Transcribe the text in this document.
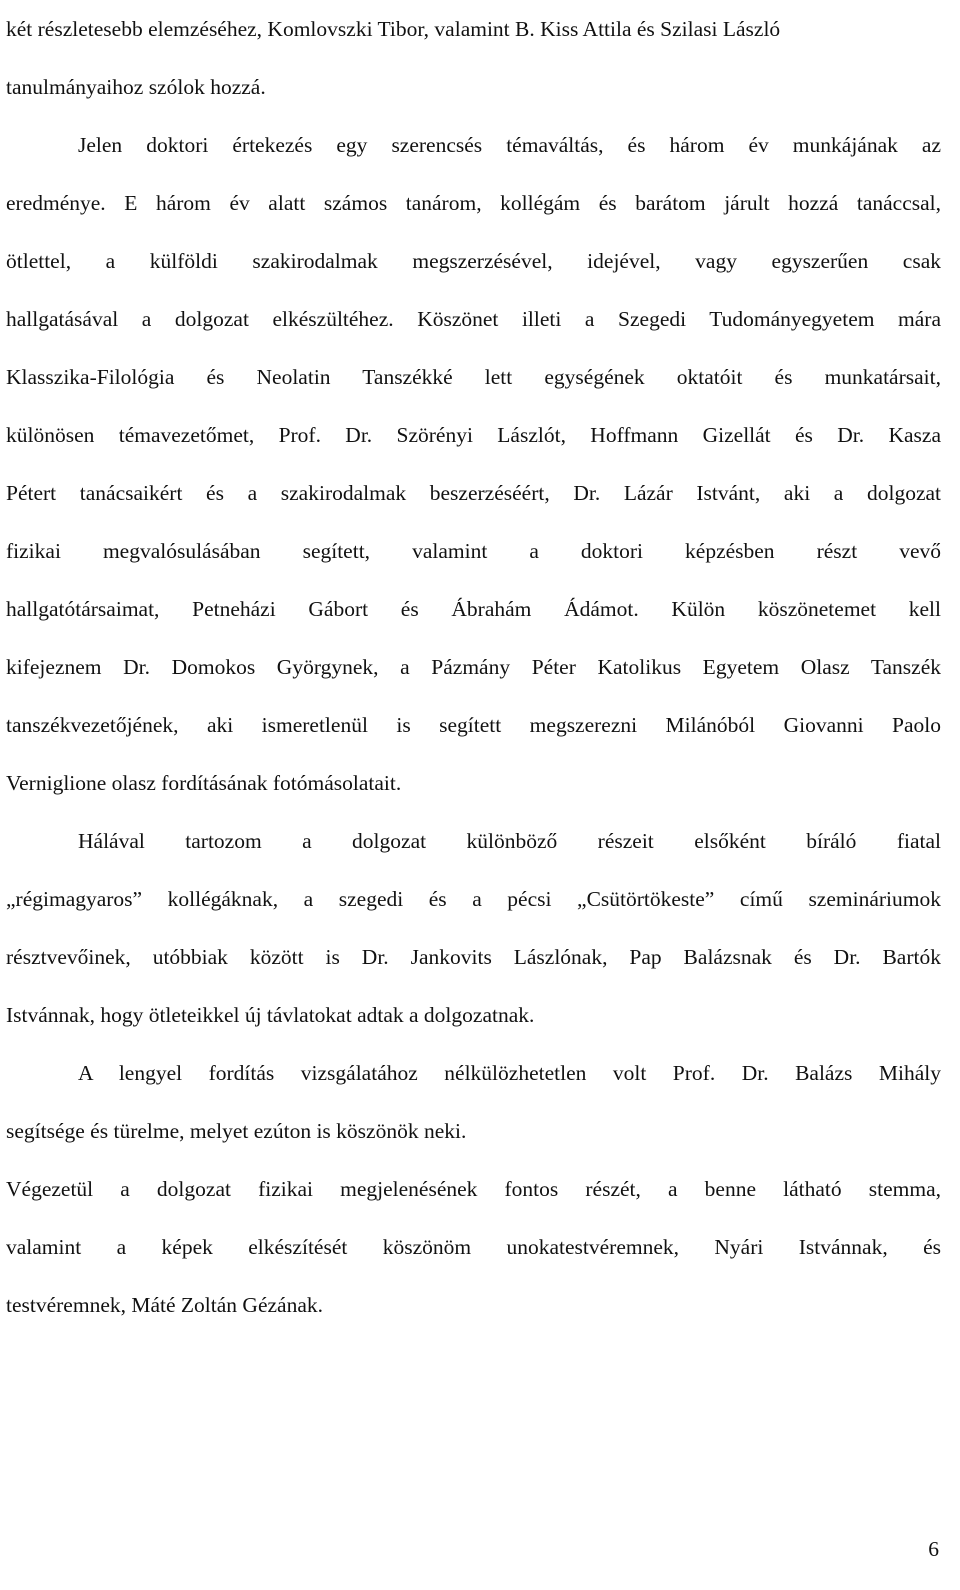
két részletesebb elemzéséhez, Komlovszki Tibor, valamint B. Kiss Attila és Szilasi László
tanulmányaihoz szólok hozzá.
Jelen doktori értekezés egy szerencsés témaváltás, és három év munkájának az
eredménye. E három év alatt számos tanárom, kollégám és barátom járult hozzá tanáccsal,
ötlettel, a külföldi szakirodalmak megszerzésével, idejével, vagy egyszerűen csak
hallgatásával a dolgozat elkészültéhez. Köszönet illeti a Szegedi Tudományegyetem mára
Klasszika-Filológia és Neolatin Tanszékké lett egységének oktatóit és munkatársait,
különösen témavezetőmet, Prof. Dr. Szörényi Lászlót, Hoffmann Gizellát és Dr. Kasza
Pétert tanácsaikért és a szakirodalmak beszerzéséért, Dr. Lázár Istvánt, aki a dolgozat
fizikai megvalósulásában segített, valamint a doktori képzésben részt vevő
hallgatótársaimat, Petneházi Gábort és Ábrahám Ádámot. Külön köszönetemet kell
kifejeznem Dr. Domokos Györgynek, a Pázmány Péter Katolikus Egyetem Olasz Tanszék
tanszékvezetőjének, aki ismeretlenül is segített megszerezni Milánóból Giovanni Paolo
Verniglione olasz fordításának fotómásolatait.
Hálával tartozom a dolgozat különböző részeit elsőként bíráló fiatal
„régimagyaros” kollégáknak, a szegedi és a pécsi „Csütörtökeste” című szemináriumok
résztvevőinek, utóbbiak között is Dr. Jankovits Lászlónak, Pap Balázsnak és Dr. Bartók
Istvánnak, hogy ötleteikkel új távlatokat adtak a dolgozatnak.
A lengyel fordítás vizsgálatához nélkülözhetetlen volt Prof. Dr. Balázs Mihály
segítsége és türelme, melyet ezúton is köszönök neki.
Végezetül a dolgozat fizikai megjelenésének fontos részét, a benne látható stemma,
valamint a képek elkészítését köszönöm unokatestvéremnek, Nyári Istvánnak, és
testvéremnek, Máté Zoltán Gézának.
6
